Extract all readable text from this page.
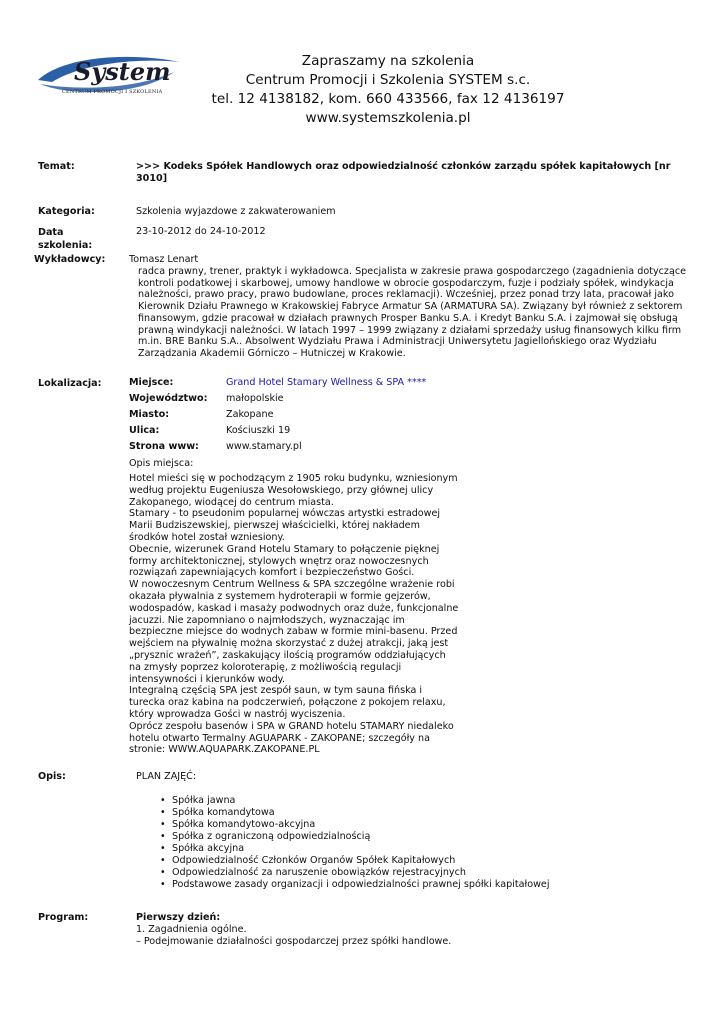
System
CENTRUM PROMOCJI I SZKOLENIA
Zapraszamy na szkolenia
Centrum Promocji i Szkolenia SYSTEM s.c.
tel. 12 4138182, kom. 660 433566, fax 12 4136197
www.systemszkolenia.pl
Temat:	>>> Kodeks Spółek Handlowych oraz odpowiedzialność członków zarządu spółek kapitałowych [nr
3010]
Kategoria:	Szkolenia wyjazdowe z zakwaterowaniem
Data
szkolenia:
23-10-2012 do 24-10-2012
Wykładowcy: Tomasz Lenart
radca prawny, trener, praktyk i wykładowca. Specjalista w zakresie prawa gospodarczego (zagadnienia dotyczące
kontroli podatkowej i skarbowej, umowy handlowe w obrocie gospodarczym, fuzje i podziały spółek, windykacja
należności, prawo pracy, prawo budowlane, proces reklamacji). Wcześniej, przez ponad trzy lata, pracował jako
Kierownik Działu Prawnego w Krakowskiej Fabryce Armatur SA (ARMATURA SA). Związany był również z sektorem
finansowym, gdzie pracował w działach prawnych Prosper Banku S.A. i Kredyt Banku S.A. i zajmował się obsługą
prawną windykacji należności. W latach 1997 – 1999 związany z działami sprzedaży usług finansowych kilku firm
m.in. BRE Banku S.A.. Absolwent Wydziału Prawa i Administracji Uniwersytetu Jagiellońskiego oraz Wydziału
Zarządzania Akademii Górniczo – Hutniczej w Krakowie.
Lokalizacja:	Miejsce:	Grand Hotel Stamary Wellness & SPA ****
Województwo: małopolskie
Miasto:	Zakopane
Ulica:	Kościuszki 19
Strona www:	www.stamary.pl
Opis miejsca:
Hotel mieści się w pochodzącym z 1905 roku budynku, wzniesionym
według projektu Eugeniusza Wesołowskiego, przy głównej ulicy
Zakopanego, wiodącej do centrum miasta.
Stamary - to pseudonim popularnej wówczas artystki estradowej
Marii Budziszewskiej, pierwszej właścicielki, której nakładem
środków hotel został wzniesiony.
Obecnie, wizerunek Grand Hotelu Stamary to połączenie pięknej
formy architektonicznej, stylowych wnętrz oraz nowoczesnych
rozwiązań zapewniających komfort i bezpieczeństwo Gości.
W nowoczesnym Centrum Wellness & SPA szczególne wrażenie robi
okazała pływalnia z systemem hydroterapii w formie gejzerów,
wodospadów, kaskad i masaży podwodnych oraz duże, funkcjonalne
jacuzzi. Nie zapomniano o najmłodszych, wyznaczając im
bezpieczne miejsce do wodnych zabaw w formie mini-basenu. Przed
wejściem na pływalnię można skorzystać z dużej atrakcji, jaką jest
„prysznic wrażeń”, zaskakujący ilością programów oddziałujących
na zmysły poprzez koloroterapię, z możliwością regulacji
intensywności i kierunków wody.
Integralną częścią SPA jest zespół saun, w tym sauna fińska i
turecka oraz kabina na podczerwień, połączone z pokojem relaxu,
który wprowadza Gości w nastrój wyciszenia.
Oprócz zespołu basenów i SPA w GRAND hotelu STAMARY niedaleko
hotelu otwarto Termalny AGUAPARK - ZAKOPANE; szczegóły na
stronie: WWW.AQUAPARK.ZAKOPANE.PL
Opis:	PLAN ZAJĘĆ:
• Spółka jawna
• Spółka komandytowa
• Spółka komandytowo-akcyjna
• Spółka z ograniczoną odpowiedzialnością
• Spółka akcyjna
• Odpowiedzialność Członków Organów Spółek Kapitałowych
• Odpowiedzialność za naruszenie obowiązków rejestracyjnych
• Podstawowe zasady organizacji i odpowiedzialności prawnej spółki kapitałowej
Program:	Pierwszy dzień:
1. Zagadnienia ogólne.
– Podejmowanie działalności gospodarczej przez spółki handlowe.
